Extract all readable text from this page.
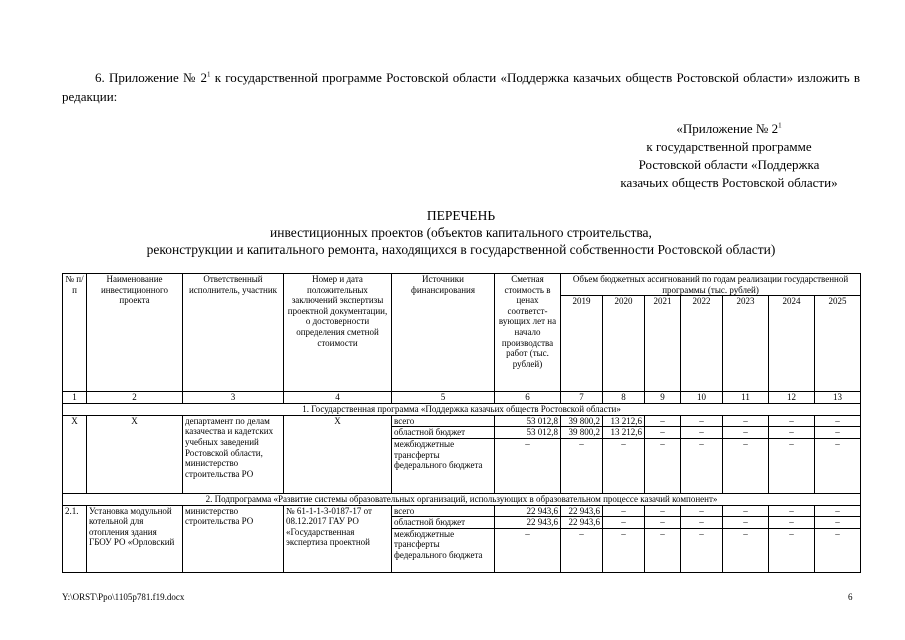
6. Приложение № $2^1$ к государственной программе Ростовской области «Поддержка казачьих обществ Ростовской области» изложить в редакции:
«Приложение № $2^1$
к государственной программе
Ростовской области «Поддержка
казачьих обществ Ростовской области»
ПЕРЕЧЕНЬ
инвестиционных проектов (объектов капитального строительства,
реконструкции и капитального ремонта, находящихся в государственной собственности Ростовской области)
№ п/п	Наименование инвестиционного проекта	Ответственный исполнитель, участник	Номер и дата положительных заключений экспертизы проектной документации, о достоверности определения сметной стоимости	Источники финансирования	Сметная стоимость в ценах соответст-вующих лет на начало производства работ (тыс. рублей)	Объем бюджетных ассигнований по годам реализации государственной программы (тыс. рублей)						
						2019	2020	2021	2022	2023	2024	2025
1	2	3	4	5	6	7	8	9	10	11	12	13
1. Государственная программа «Поддержка казачьих обществ Ростовской области»												
Х	Х	департамент по делам казачества и кадетских учебных заведений Ростовской области, министерство строительства РО	Х	всего	53 012,8	39 800,2	13 212,6	–	–	–	–	–
				областной бюджет	53 012,8	39 800,2	13 212,6	–	–	–	–	–
				межбюджетные трансферты федерального бюджета	–	–	–	–	–	–	–	–
2. Подпрограмма «Развитие системы образовательных организаций, использующих в образовательном процессе казачий компонент»												
2.1.	Установка модульной котельной для отопления здания ГБОУ РО «Орловский	министерство строительства РО	№ 61-1-1-3-0187-17 от 08.12.2017 ГАУ РО «Государственная экспертиза проектной	всего	22 943,6	22 943,6	–	–	–	–	–	–
				областной бюджет	22 943,6	22 943,6	–	–	–	–	–	–
				межбюджетные трансферты федерального бюджета	–	–	–	–	–	–	–	–
Y:\ORST\Ppo\1105p781.f19.docx	6
